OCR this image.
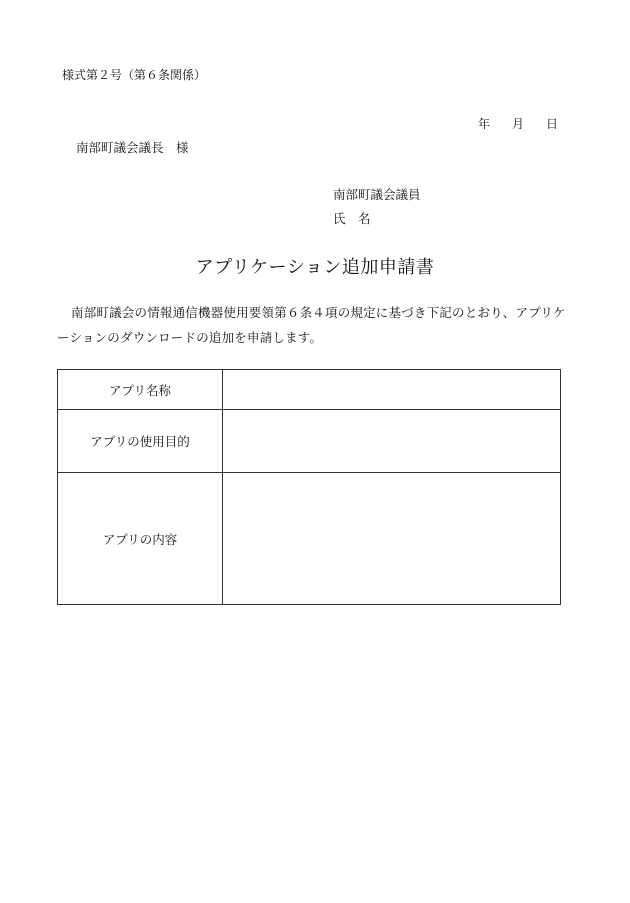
様式第２号（第６条関係）
年 月 日
南部町議会議長　様
南部町議会議員
氏　名
アプリケーション追加申請書
南部町議会の情報通信機器使用要領第６条４項の規定に基づき下記のとおり、アプリケーションのダウンロードの追加を申請します。
アプリ名称	
アプリの使用目的	
アプリの内容	
